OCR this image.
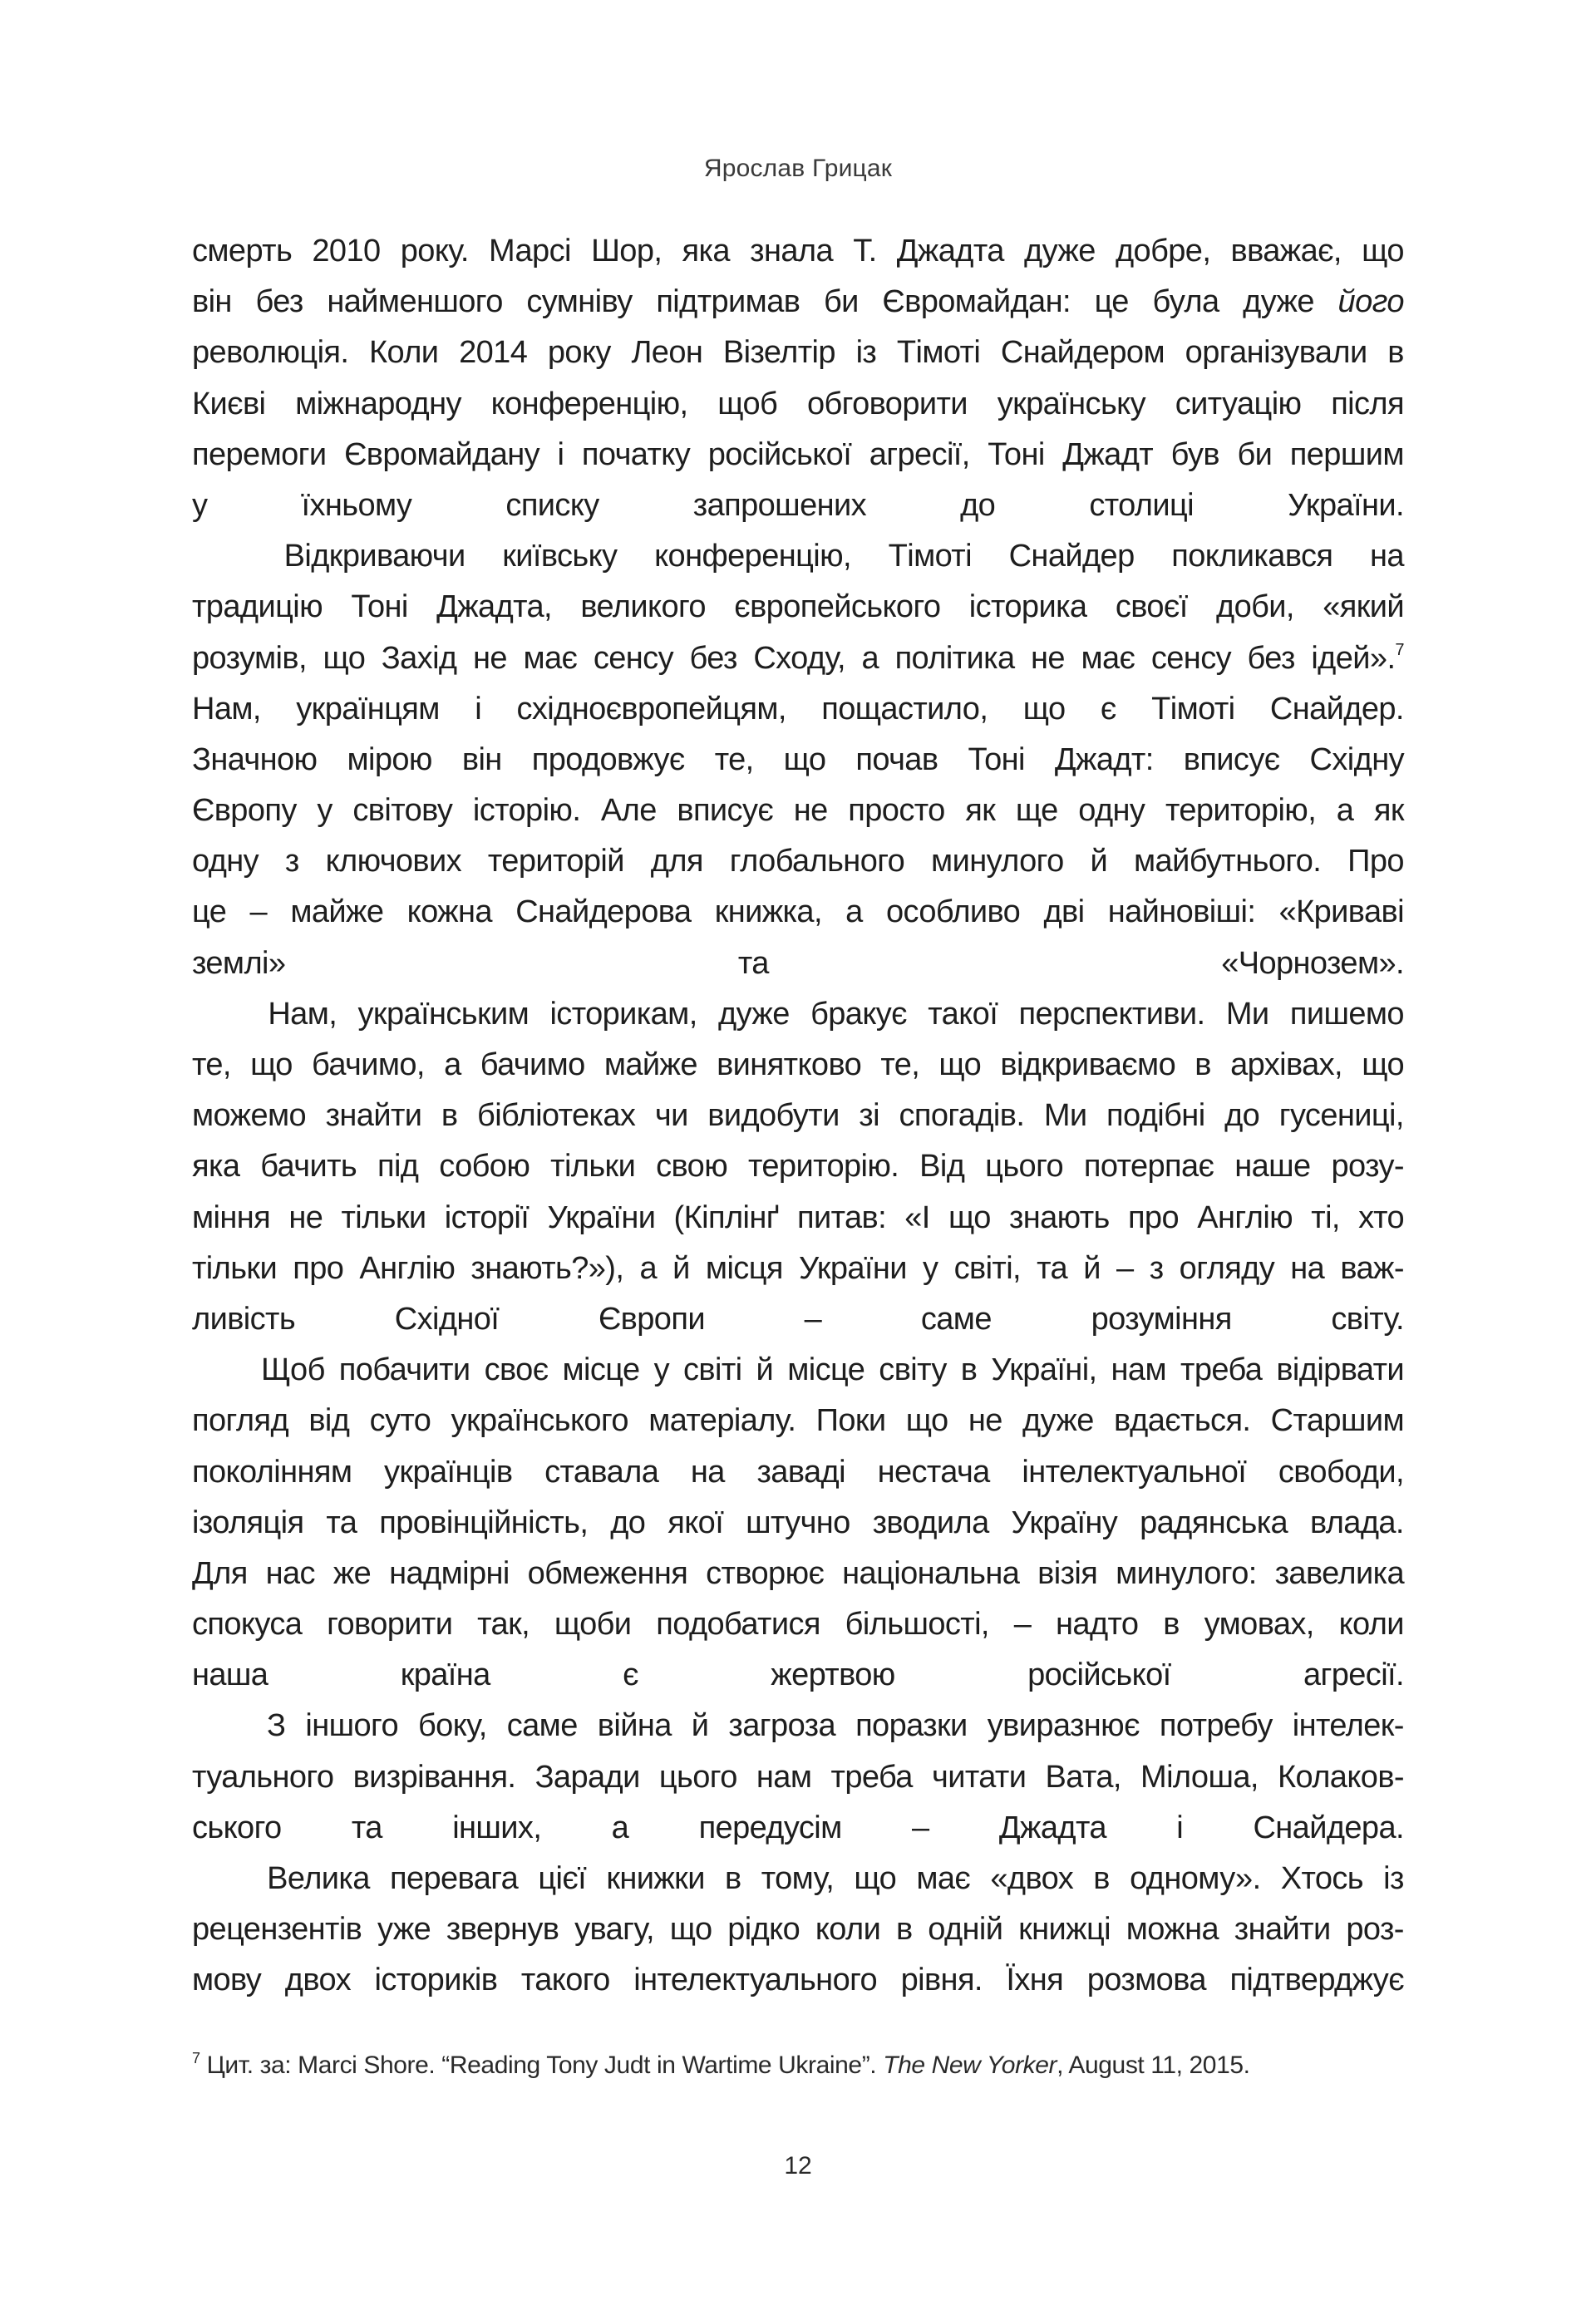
Ярослав Грицак
смерть 2010 року. Марсі Шор, яка знала Т. Джадта дуже добре, вважає, що
він без найменшого сумніву підтримав би Євромайдан: це була дуже його
революція. Коли 2014 року Леон Візелтір із Тімоті Снайдером організували в
Києві міжнародну конференцію, щоб обговорити українську ситуацію після
перемоги Євромайдану і початку російської агресії, Тоні Джадт був би першим
у	їхньому	списку	запрошених	до	столиці	України.
Відкриваючи київську конференцію, Тімоті Снайдер покликався на
традицію Тоні Джадта, великого європейського історика своєї доби, «який
розумів, що Захід не має сенсу без Сходу, а політика не має сенсу без ідей».$^7$
Нам, українцям і східноєвропейцям, пощастило, що є Тімоті Снайдер.
Значною мірою він продовжує те, що почав Тоні Джадт: вписує Східну
Європу у світову історію. Але вписує не просто як ще одну територію, а як
одну з ключових територій для глобального минулого й майбутнього. Про
це – майже кожна Снайдерова книжка, а особливо дві найновіші: «Криваві
землі»	та	«Чорнозем».
Нам, українським історикам, дуже бракує такої перспективи. Ми пишемо
те, що бачимо, а бачимо майже винятково те, що відкриваємо в архівах, що
можемо знайти в бібліотеках чи видобути зі спогадів. Ми подібні до гусениці,
яка бачить під собою тільки свою територію. Від цього потерпає наше розу-
міння не тільки історії України (Кіплінґ питав: «І що знають про Англію ті, хто
тільки про Англію знають?»), а й місця України у світі, та й – з огляду на важ-
ливість	Східної	Європи	–	саме	розуміння	світу.
Щоб побачити своє місце у світі й місце світу в Україні, нам треба відірвати
погляд від суто українського матеріалу. Поки що не дуже вдається. Старшим
поколінням українців ставала на заваді нестача інтелектуальної свободи,
ізоляція та провінційність, до якої штучно зводила Україну радянська влада.
Для нас же надмірні обмеження створює національна візія минулого: завелика
спокуса говорити так, щоби подобатися більшості, – надто в умовах, коли
наша	країна	є	жертвою	російської	агресії.
З іншого боку, саме війна й загроза поразки увиразнює потребу інтелек-
туального визрівання. Заради цього нам треба читати Вата, Мілоша, Колаков-
ського та інших, а передусім – Джадта і Снайдера.
Велика перевага цієї книжки в тому, що має «двох в одному». Хтось із
рецензентів уже звернув увагу, що рідко коли в одній книжці можна знайти роз-
мову двох істориків такого інтелектуального рівня. Їхня розмова підтверджує
$^7$ Цит. за: Marci Shore. “Reading Tony Judt in Wartime Ukraine”. The New Yorker, August 11, 2015.
12
